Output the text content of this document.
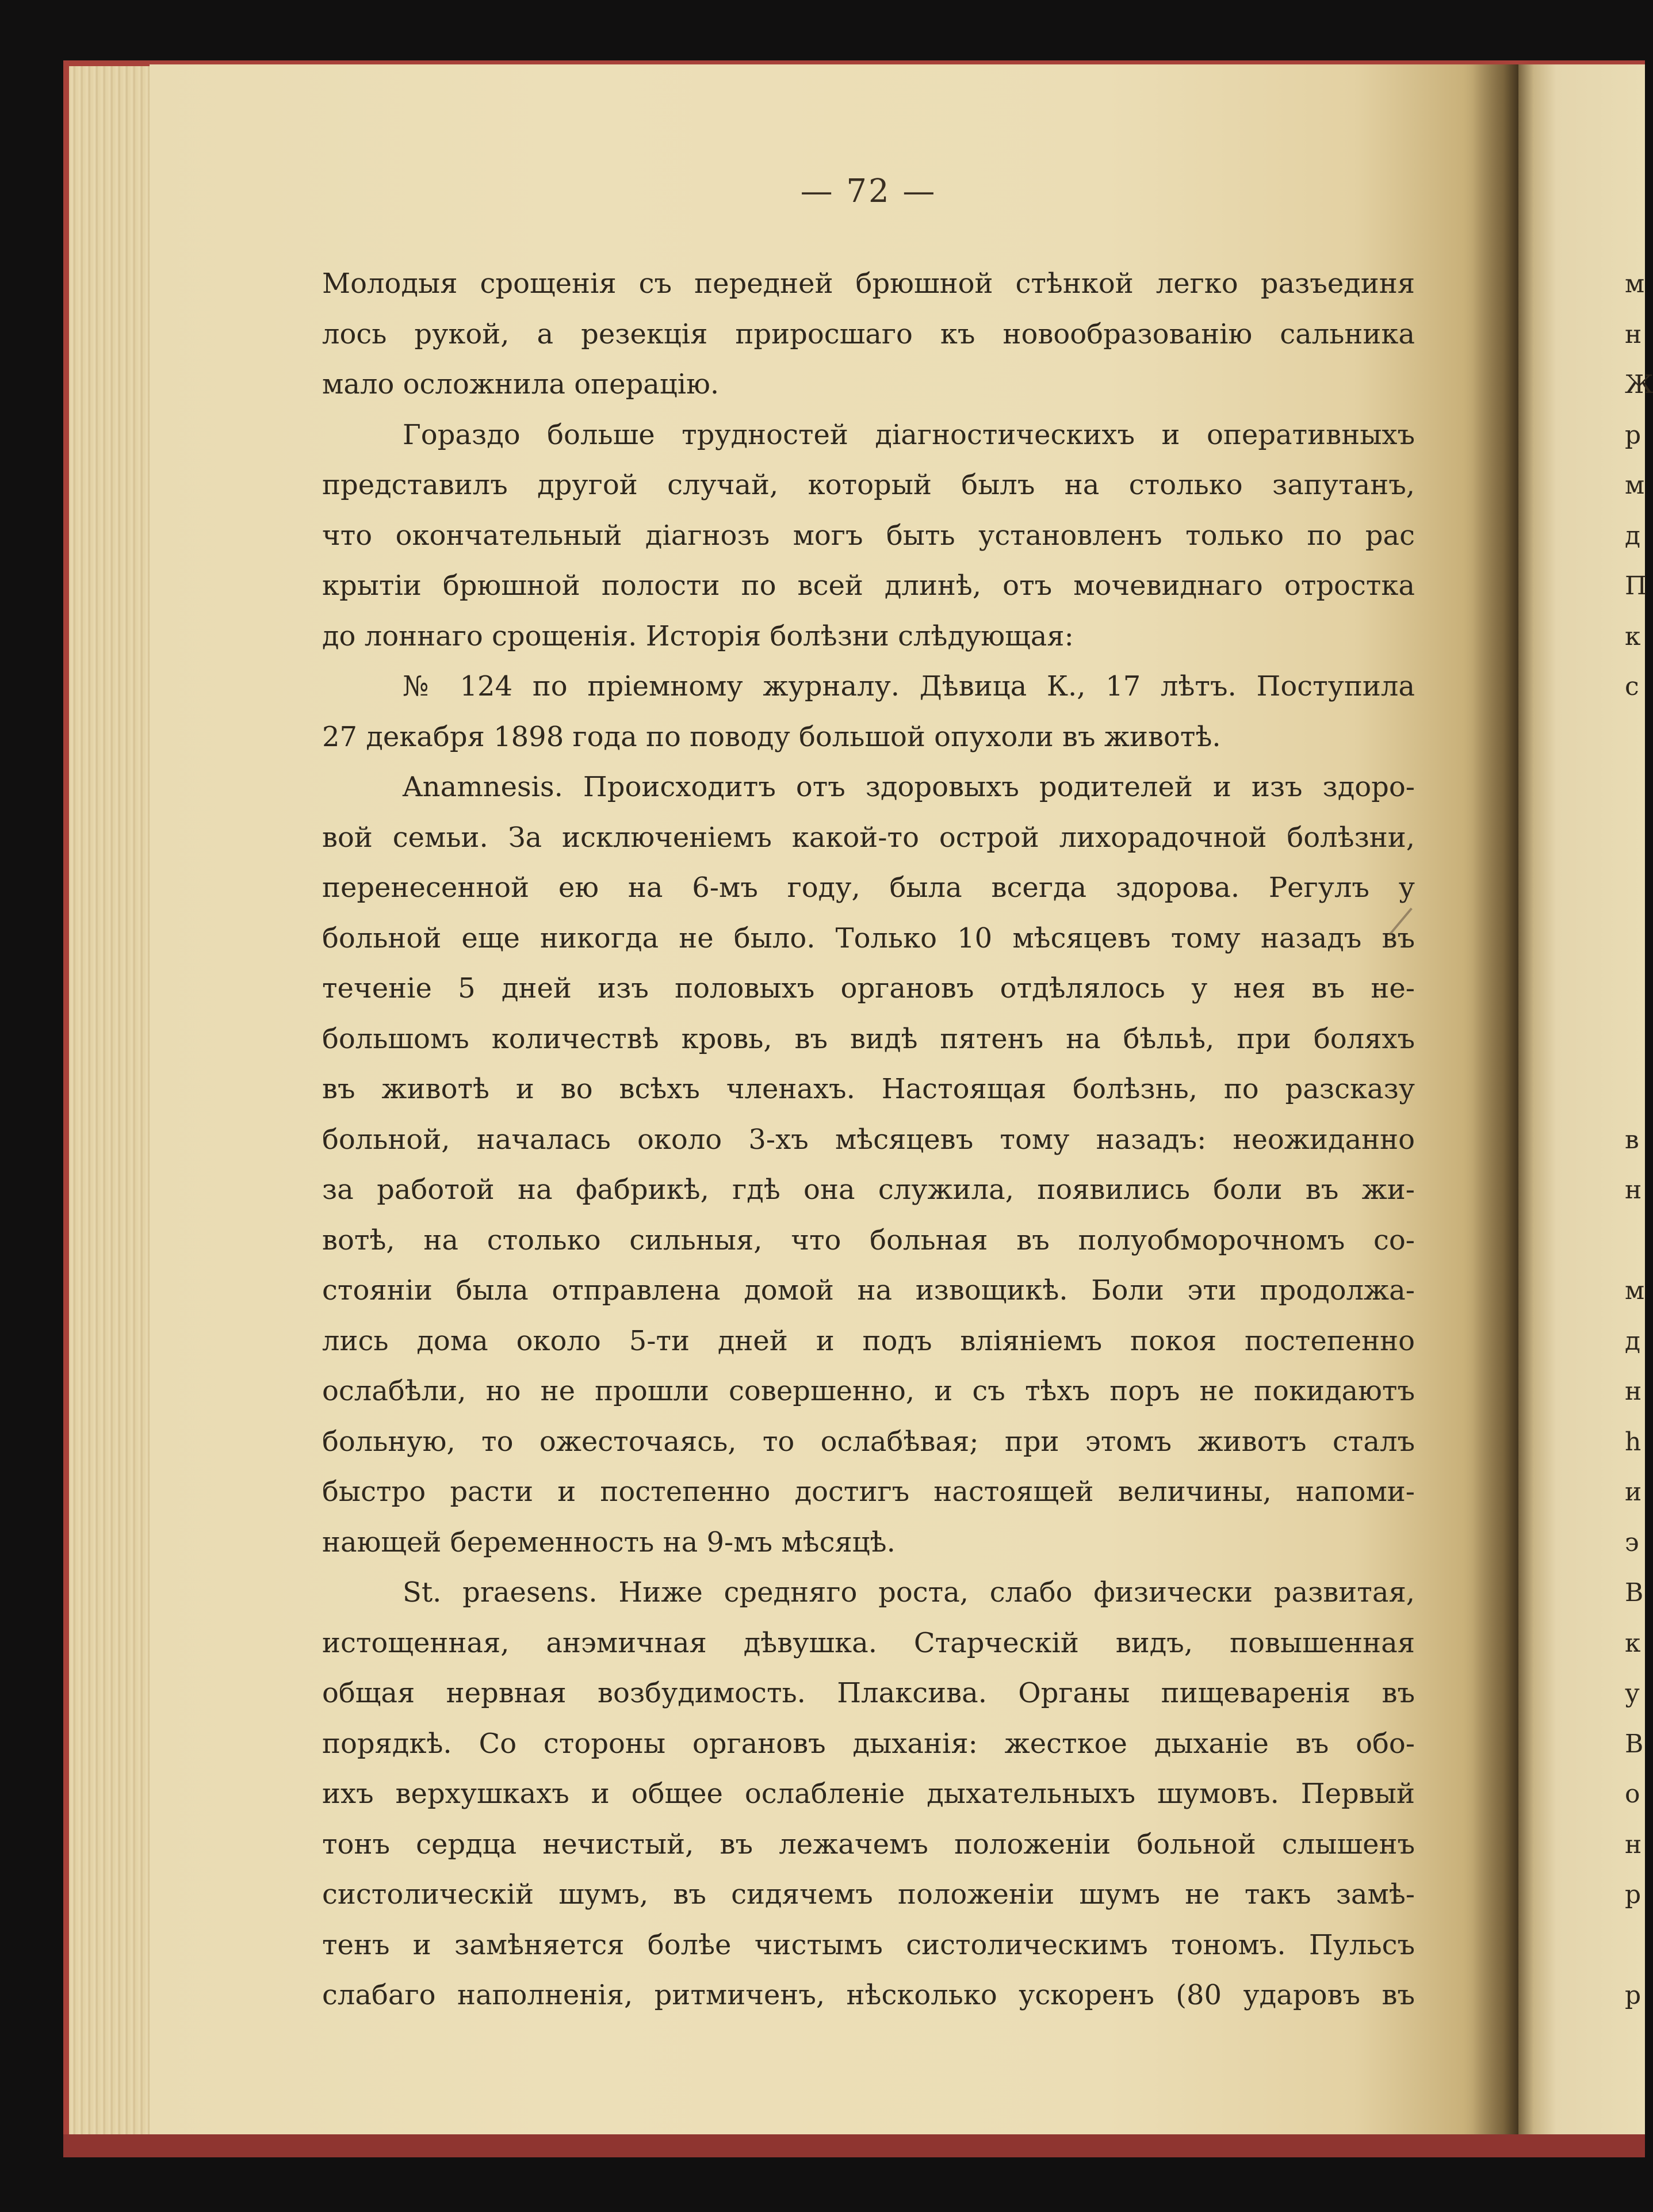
— 72 —
Молодыя срощенія съ передней брюшной стѣнкой легко разъединя
лось рукой, а резекція приросшаго къ новообразованію сальника
мало осложнила операцію.
Гораздо больше трудностей діагностическихъ и оперативныхъ
представилъ другой случай, который былъ на столько запутанъ,
что окончательный діагнозъ могъ быть установленъ только по рас
крытіи брюшной полости по всей длинѣ, отъ мочевиднаго отростка
до лоннаго срощенія. Исторія болѣзни слѣдующая:
№ 124 по пріемному журналу. Дѣвица К., 17 лѣтъ. Поступила
27 декабря 1898 года по поводу большой опухоли въ животѣ.
Anamnesis. Происходитъ отъ здоровыхъ родителей и изъ здоро-
вой семьи. За исключеніемъ какой-то острой лихорадочной болѣзни,
перенесенной ею на 6-мъ году, была всегда здорова. Регулъ у
больной еще никогда не было. Только 10 мѣсяцевъ тому назадъ въ
теченіе 5 дней изъ половыхъ органовъ отдѣлялось у нея въ не-
большомъ количествѣ кровь, въ видѣ пятенъ на бѣльѣ, при боляхъ
въ животѣ и во всѣхъ членахъ. Настоящая болѣзнь, по разсказу
больной, началась около 3-хъ мѣсяцевъ тому назадъ: неожиданно
за работой на фабрикѣ, гдѣ она служила, появились боли въ жи-
вотѣ, на столько сильныя, что больная въ полуобморочномъ со-
стояніи была отправлена домой на извощикѣ. Боли эти продолжа-
лись дома около 5-ти дней и подъ вліяніемъ покоя постепенно
ослабѣли, но не прошли совершенно, и съ тѣхъ поръ не покидаютъ
больную, то ожесточаясь, то ослабѣвая; при этомъ животъ сталъ
быстро расти и постепенно достигъ настоящей величины, напоми-
нающей беременность на 9-мъ мѣсяцѣ.
St. praesens. Ниже средняго роста, слабо физически развитая,
истощенная, анэмичная дѣвушка. Старческій видъ, повышенная
общая нервная возбудимость. Плаксива. Органы пищеваренія въ
порядкѣ. Со стороны органовъ дыханія: жесткое дыханіе въ обо-
ихъ верхушкахъ и общее ослабленіе дыхательныхъ шумовъ. Первый
тонъ сердца нечистый, въ лежачемъ положеніи больной слышенъ
систолическій шумъ, въ сидячемъ положеніи шумъ не такъ замѣ-
тенъ и замѣняется болѣе чистымъ систолическимъ тономъ. Пульсъ
слабаго наполненія, ритмиченъ, нѣсколько ускоренъ (80 ударовъ въ
м
н
Ж
р
м
д
П
к
с
в
н
м
д
н
h
и
э
В
к
у
В
о
н
р
р
